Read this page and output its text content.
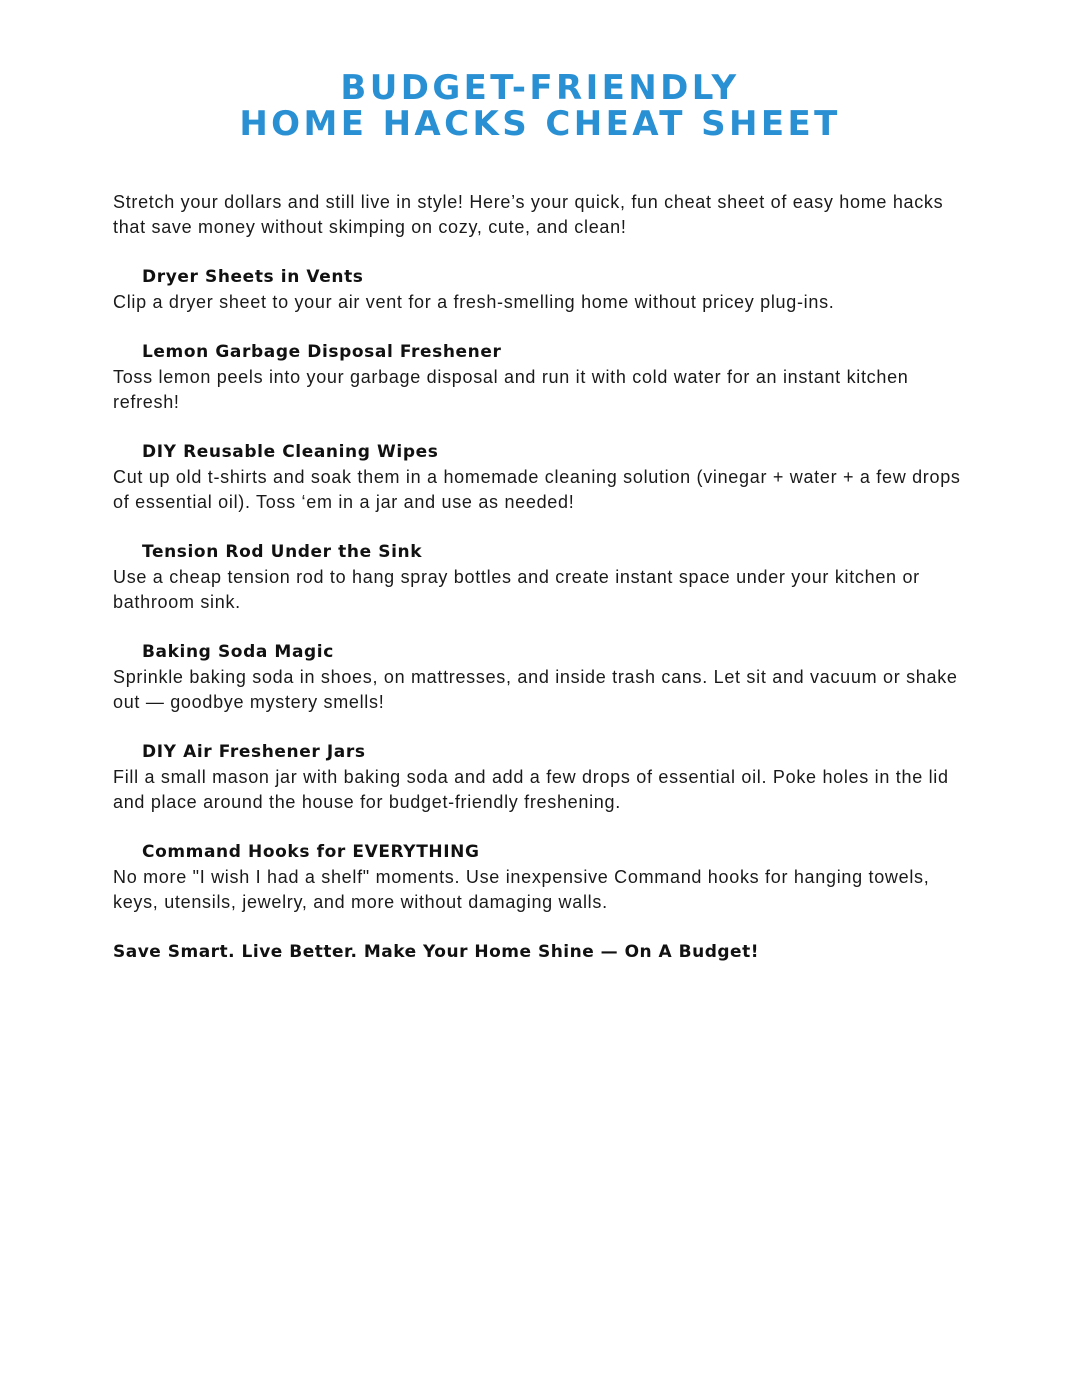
BUDGET-FRIENDLY
HOME HACKS CHEAT SHEET

Stretch your dollars and still live in style! Here’s your quick, fun cheat sheet of easy home hacks that save money without skimping on cozy, cute, and clean!

Dryer Sheets in Vents
Clip a dryer sheet to your air vent for a fresh-smelling home without pricey plug-ins.
Lemon Garbage Disposal Freshener
Toss lemon peels into your garbage disposal and run it with cold water for an instant kitchen refresh!
DIY Reusable Cleaning Wipes
Cut up old t-shirts and soak them in a homemade cleaning solution (vinegar + water + a few drops of essential oil). Toss ‘em in a jar and use as needed!
Tension Rod Under the Sink
Use a cheap tension rod to hang spray bottles and create instant space under your kitchen or bathroom sink.
Baking Soda Magic
Sprinkle baking soda in shoes, on mattresses, and inside trash cans. Let sit and vacuum or shake out — goodbye mystery smells!
DIY Air Freshener Jars
Fill a small mason jar with baking soda and add a few drops of essential oil. Poke holes in the lid and place around the house for budget-friendly freshening.
Command Hooks for EVERYTHING
No more "I wish I had a shelf" moments. Use inexpensive Command hooks for hanging towels, keys, utensils, jewelry, and more without damaging walls.

Save Smart. Live Better. Make Your Home Shine — On A Budget!
